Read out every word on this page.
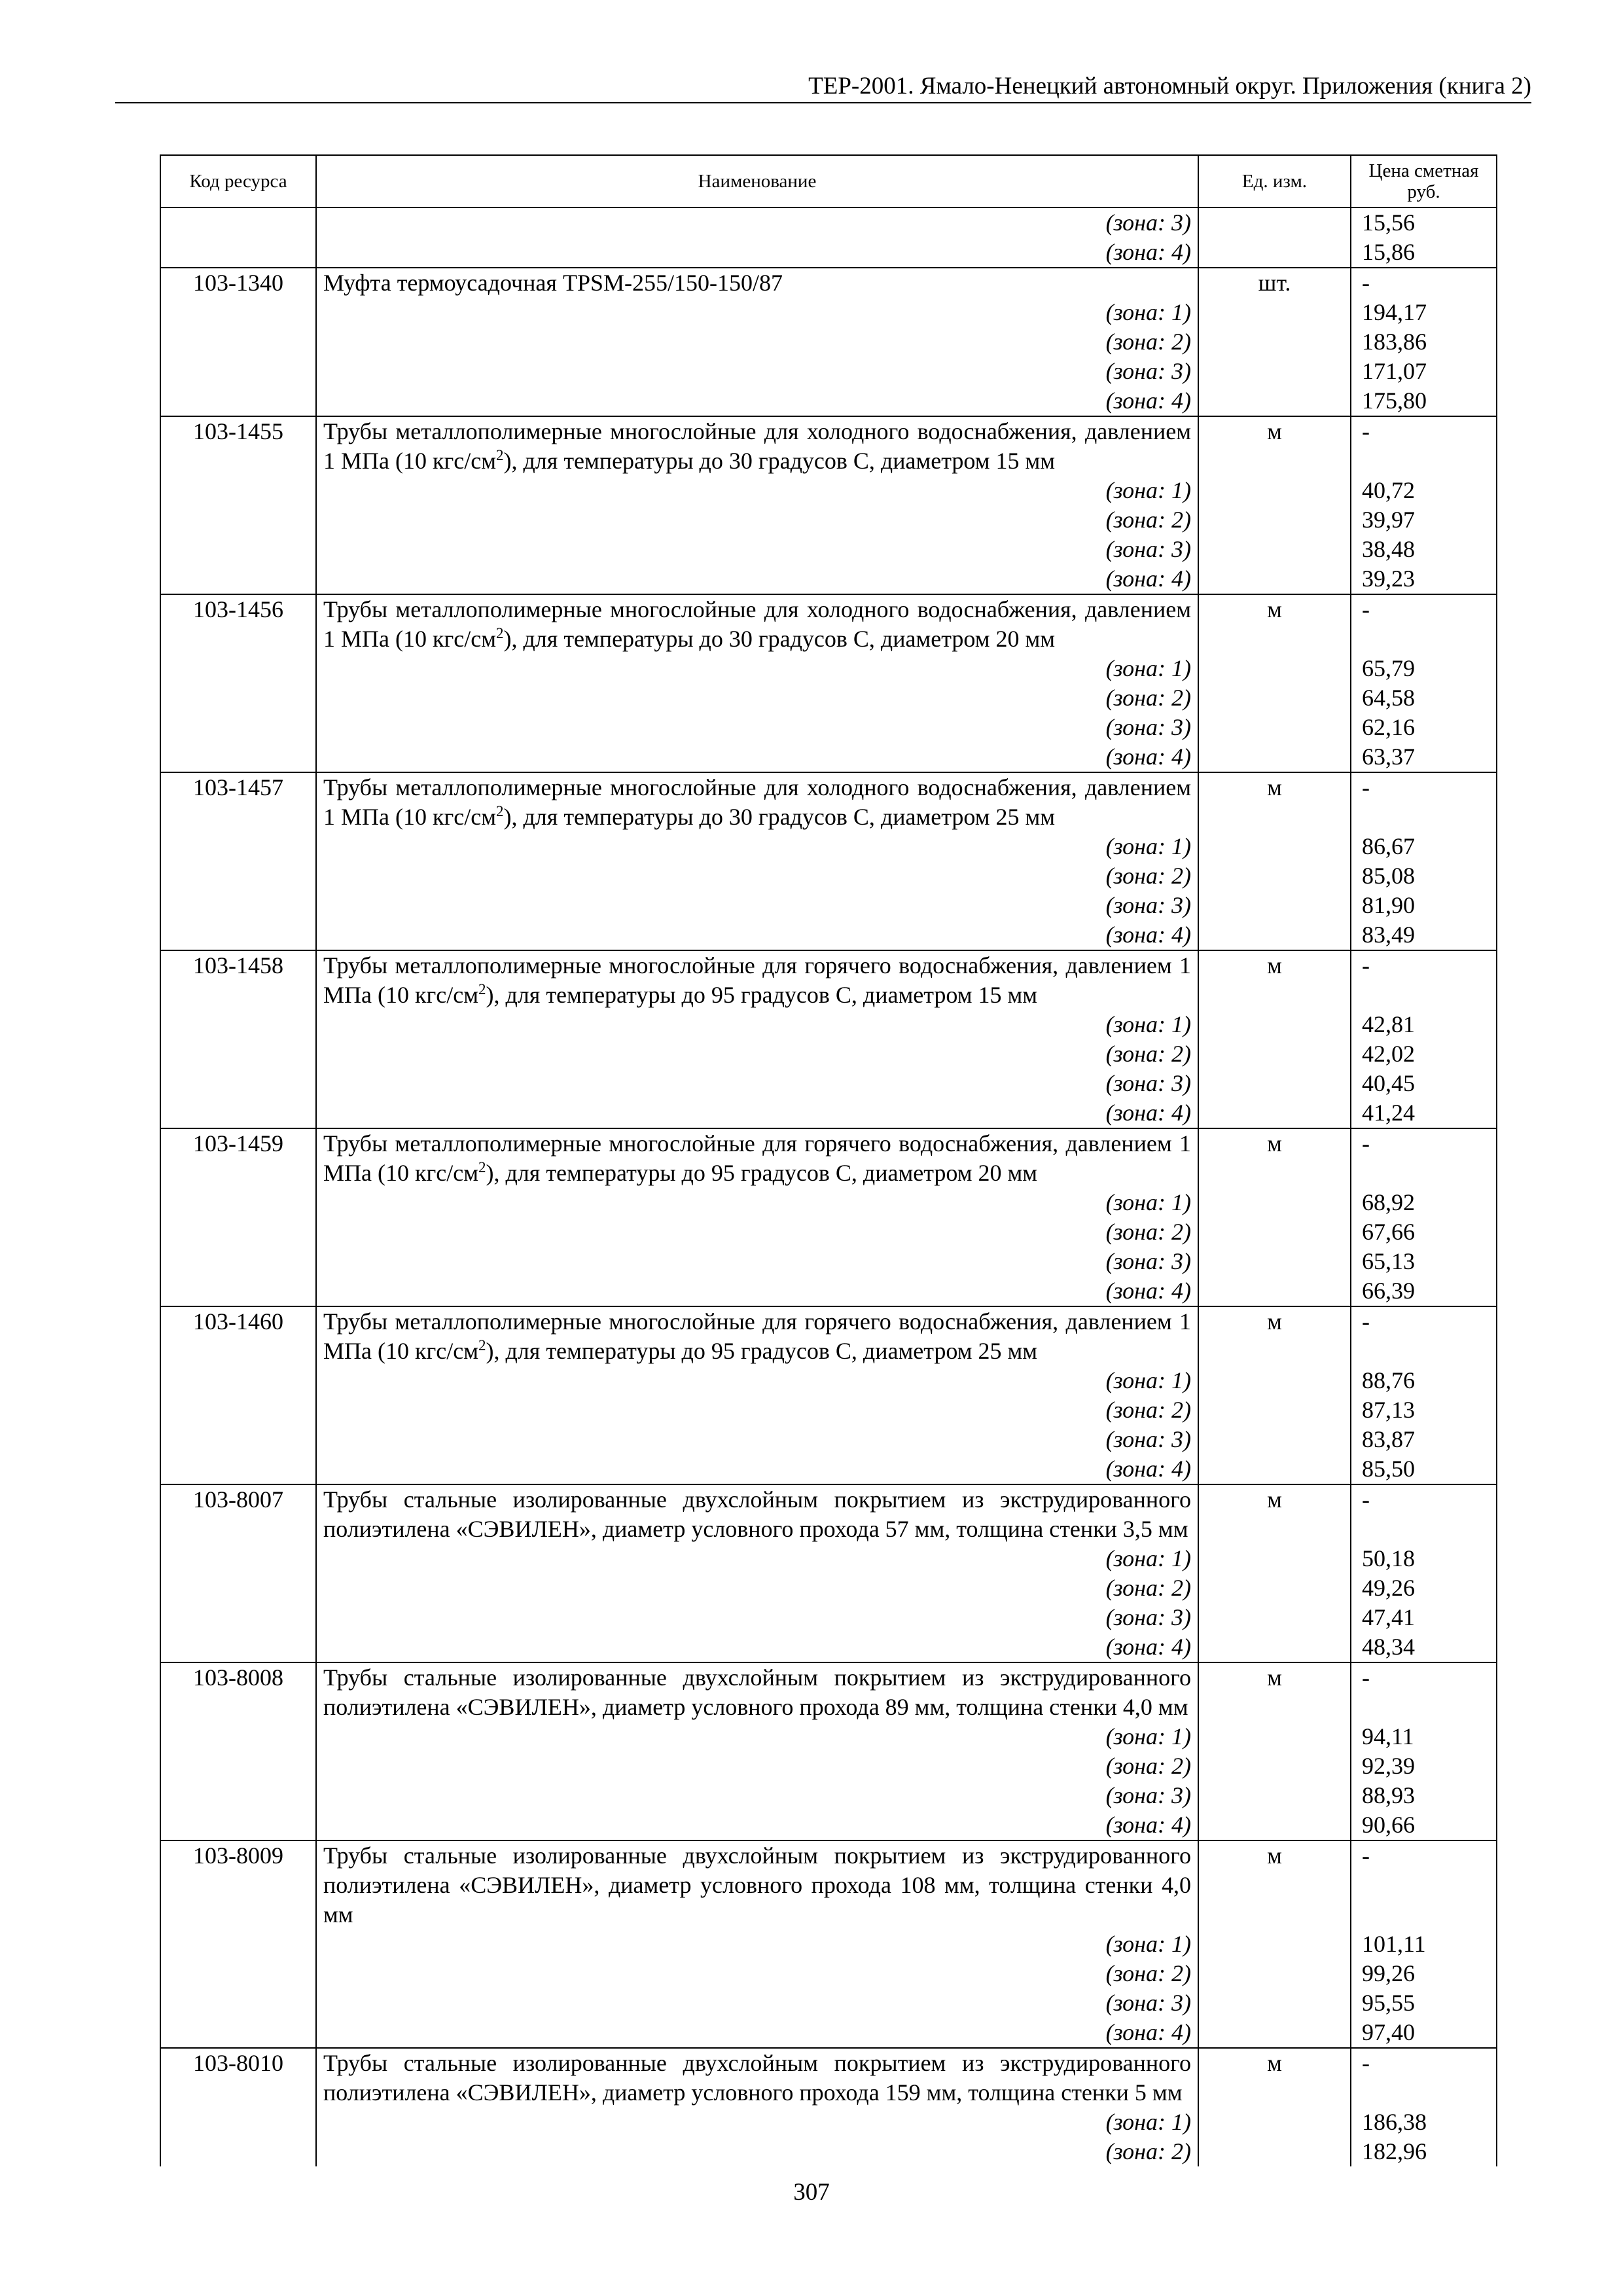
ТЕР-2001. Ямало-Ненецкий автономный округ. Приложения (книга 2)
Код ресурса	Наименование	Ед. изм.	Цена сметная руб.
	(зона: 3)		15,56
	(зона: 4)		15,86
103-1340	Муфта термоусадочная TPSM-255/150-150/87	шт.	-
	(зона: 1)		194,17
	(зона: 2)		183,86
	(зона: 3)		171,07
	(зона: 4)		175,80
103-1455	Трубы металлополимерные многослойные для холодного водоснабжения, давлением 1 МПа (10 кгс/$см^2$), для температуры до 30 градусов С, диаметром 15 мм	м	-
	(зона: 1)		40,72
	(зона: 2)		39,97
	(зона: 3)		38,48
	(зона: 4)		39,23
103-1456	Трубы металлополимерные многослойные для холодного водоснабжения, давлением 1 МПа (10 кгс/$см^2$), для температуры до 30 градусов С, диаметром 20 мм	м	-
	(зона: 1)		65,79
	(зона: 2)		64,58
	(зона: 3)		62,16
	(зона: 4)		63,37
103-1457	Трубы металлополимерные многослойные для холодного водоснабжения, давлением 1 МПа (10 кгс/$см^2$), для температуры до 30 градусов С, диаметром 25 мм	м	-
	(зона: 1)		86,67
	(зона: 2)		85,08
	(зона: 3)		81,90
	(зона: 4)		83,49
103-1458	Трубы металлополимерные многослойные для горячего водоснабжения, давлением 1 МПа (10 кгс/$см^2$), для температуры до 95 градусов С, диаметром 15 мм	м	-
	(зона: 1)		42,81
	(зона: 2)		42,02
	(зона: 3)		40,45
	(зона: 4)		41,24
103-1459	Трубы металлополимерные многослойные для горячего водоснабжения, давлением 1 МПа (10 кгс/$см^2$), для температуры до 95 градусов С, диаметром 20 мм	м	-
	(зона: 1)		68,92
	(зона: 2)		67,66
	(зона: 3)		65,13
	(зона: 4)		66,39
103-1460	Трубы металлополимерные многослойные для горячего водоснабжения, давлением 1 МПа (10 кгс/$см^2$), для температуры до 95 градусов С, диаметром 25 мм	м	-
	(зона: 1)		88,76
	(зона: 2)		87,13
	(зона: 3)		83,87
	(зона: 4)		85,50
103-8007	Трубы стальные изолированные двухслойным покрытием из экструдированного полиэтилена «СЭВИЛЕН», диаметр условного прохода 57 мм, толщина стенки 3,5 мм	м	-
	(зона: 1)		50,18
	(зона: 2)		49,26
	(зона: 3)		47,41
	(зона: 4)		48,34
103-8008	Трубы стальные изолированные двухслойным покрытием из экструдированного полиэтилена «СЭВИЛЕН», диаметр условного прохода 89 мм, толщина стенки 4,0 мм	м	-
	(зона: 1)		94,11
	(зона: 2)		92,39
	(зона: 3)		88,93
	(зона: 4)		90,66
103-8009	Трубы стальные изолированные двухслойным покрытием из экструдированного полиэтилена «СЭВИЛЕН», диаметр условного прохода 108 мм, толщина стенки 4,0 мм	м	-
	(зона: 1)		101,11
	(зона: 2)		99,26
	(зона: 3)		95,55
	(зона: 4)		97,40
103-8010	Трубы стальные изолированные двухслойным покрытием из экструдированного полиэтилена «СЭВИЛЕН», диаметр условного прохода 159 мм, толщина стенки 5 мм	м	-
	(зона: 1)		186,38
	(зона: 2)		182,96
307
